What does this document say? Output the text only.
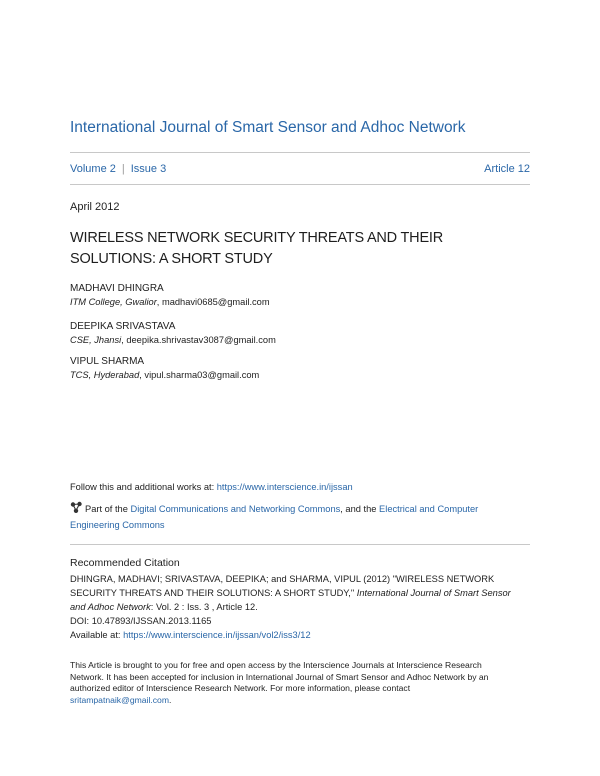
International Journal of Smart Sensor and Adhoc Network
Volume 2 | Issue 3	Article 12
April 2012
WIRELESS NETWORK SECURITY THREATS AND THEIR
SOLUTIONS: A SHORT STUDY
MADHAVI DHINGRA
ITM College, Gwalior, madhavi0685@gmail.com
DEEPIKA SRIVASTAVA
CSE, Jhansi, deepika.shrivastav3087@gmail.com
VIPUL SHARMA
TCS, Hyderabad, vipul.sharma03@gmail.com
Follow this and additional works at: https://www.interscience.in/ijssan
Part of the Digital Communications and Networking Commons, and the Electrical and Computer
Engineering Commons
Recommended Citation
DHINGRA, MADHAVI; SRIVASTAVA, DEEPIKA; and SHARMA, VIPUL (2012) "WIRELESS NETWORK
SECURITY THREATS AND THEIR SOLUTIONS: A SHORT STUDY," International Journal of Smart Sensor
and Adhoc Network: Vol. 2 : Iss. 3 , Article 12.
DOI: 10.47893/IJSSAN.2013.1165
Available at: https://www.interscience.in/ijssan/vol2/iss3/12
This Article is brought to you for free and open access by the Interscience Journals at Interscience Research
Network. It has been accepted for inclusion in International Journal of Smart Sensor and Adhoc Network by an
authorized editor of Interscience Research Network. For more information, please contact
sritampatnaik@gmail.com.
